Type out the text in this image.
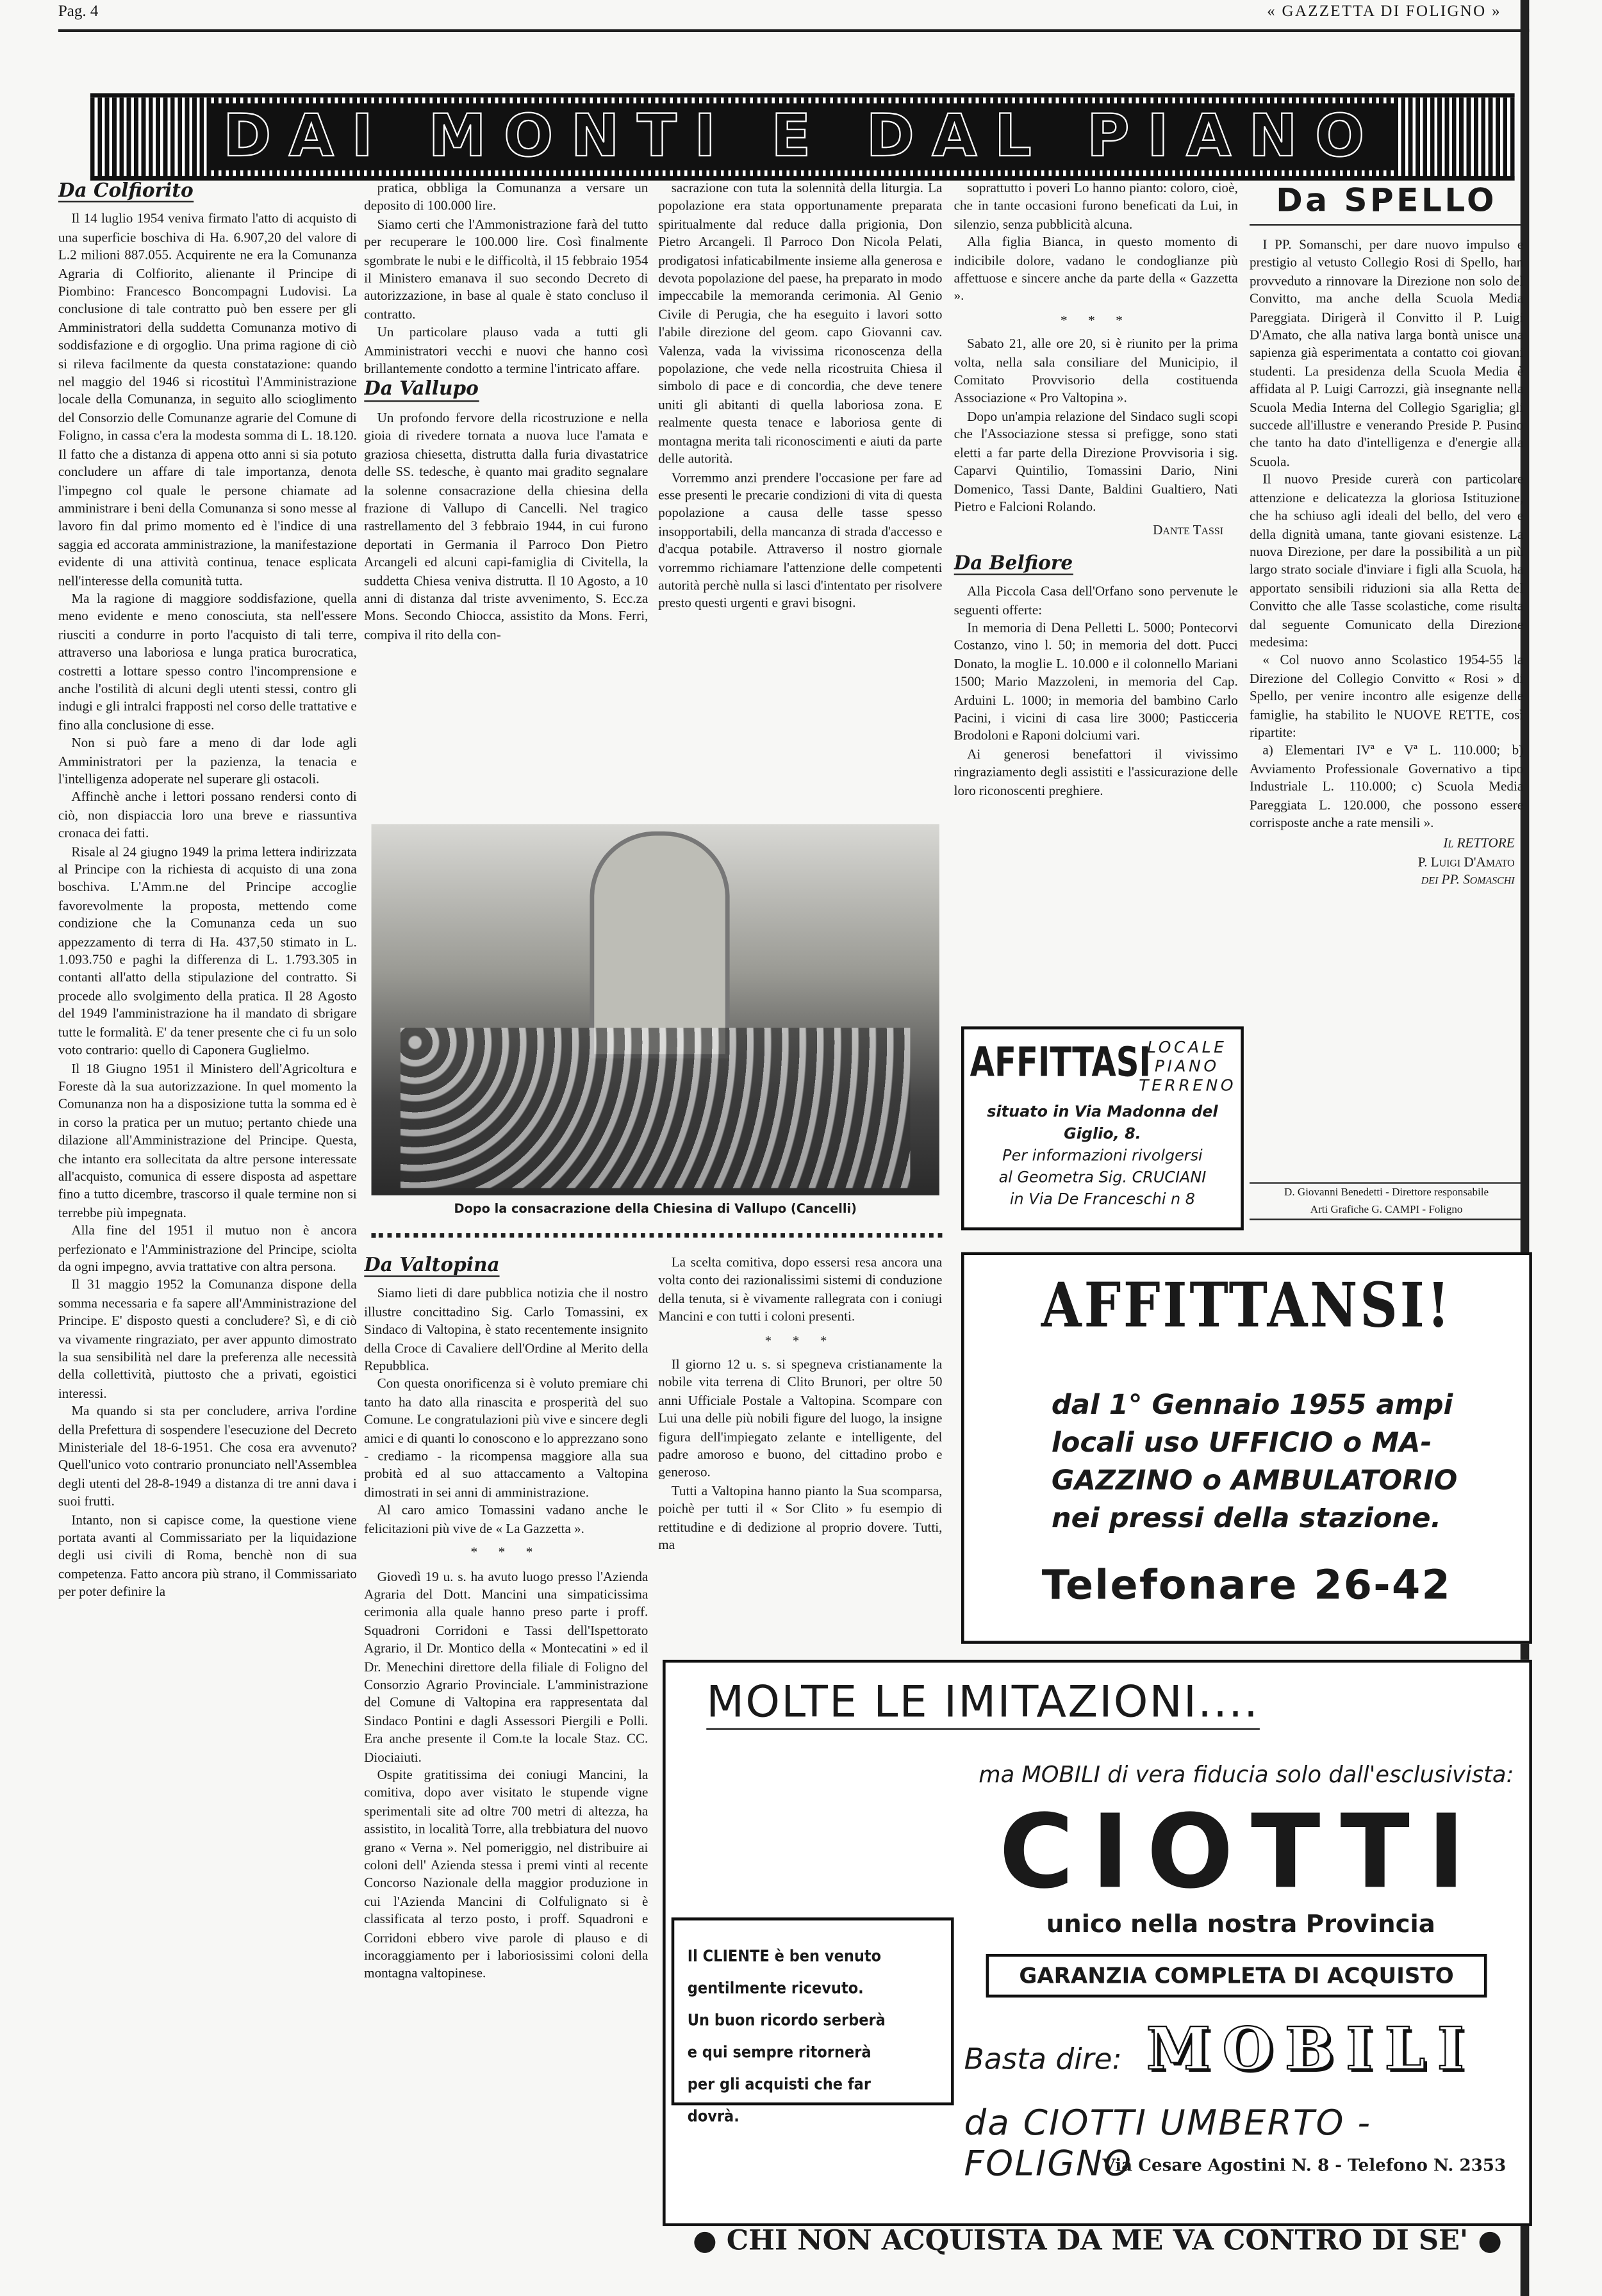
Pag. 4	« GAZZETTA DI FOLIGNO »
DAI MONTI E DAL PIANO
Da Colfiorito

Il 14 luglio 1954 veniva firmato l'atto di acquisto di una superficie boschiva di Ha. 6.907,20 del valore di L.2 milioni 887.055. Acquirente ne era la Comunanza Agraria di Colfiorito, alienante il Principe di Piombino: Francesco Boncompagni Ludovisi. La conclusione di tale contratto può ben essere per gli Amministratori della suddetta Comunanza motivo di soddisfazione e di orgoglio. Una prima ragione di ciò si rileva facilmente da questa constatazione: quando nel maggio del 1946 si ricostituì l'Amministrazione locale della Comunanza, in seguito allo scioglimento del Consorzio delle Comunanze agrarie del Comune di Foligno, in cassa c'era la modesta somma di L. 18.120. Il fatto che a distanza di appena otto anni si sia potuto concludere un affare di tale importanza, denota l'impegno col quale le persone chiamate ad amministrare i beni della Comunanza si sono messe al lavoro fin dal primo momento ed è l'indice di una saggia ed accorata amministrazione, la manifestazione evidente di una attività continua, tenace esplicata nell'interesse della comunità tutta.

Ma la ragione di maggiore soddisfazione, quella meno evidente e meno conosciuta, sta nell'essere riusciti a condurre in porto l'acquisto di tali terre, attraverso una laboriosa e lunga pratica burocratica, costretti a lottare spesso contro l'incomprensione e anche l'ostilità di alcuni degli utenti stessi, contro gli indugi e gli intralci frapposti nel corso delle trattative e fino alla conclusione di esse.

Non si può fare a meno di dar lode agli Amministratori per la pazienza, la tenacia e l'intelligenza adoperate nel superare gli ostacoli.

Affinchè anche i lettori possano rendersi conto di ciò, non dispiaccia loro una breve e riassuntiva cronaca dei fatti.

Risale al 24 giugno 1949 la prima lettera indirizzata al Principe con la richiesta di acquisto di una zona boschiva. L'Amm.ne del Principe accoglie favorevolmente la proposta, mettendo come condizione che la Comunanza ceda un suo appezzamento di terra di Ha. 437,50 stimato in L. 1.093.750 e paghi la differenza di L. 1.793.305 in contanti all'atto della stipulazione del contratto. Si procede allo svolgimento della pratica. Il 28 Agosto del 1949 l'amministrazione ha il mandato di sbrigare tutte le formalità. E' da tener presente che ci fu un solo voto contrario: quello di Caponera Guglielmo.

Il 18 Giugno 1951 il Ministero dell'Agricoltura e Foreste dà la sua autorizzazione. In quel momento la Comunanza non ha a disposizione tutta la somma ed è in corso la pratica per un mutuo; pertanto chiede una dilazione all'Amministrazione del Principe. Questa, che intanto era sollecitata da altre persone interessate all'acquisto, comunica di essere disposta ad aspettare fino a tutto dicembre, trascorso il quale termine non si terrebbe più impegnata.

Alla fine del 1951 il mutuo non è ancora perfezionato e l'Amministrazione del Principe, sciolta da ogni impegno, avvia trattative con altra persona.

Il 31 maggio 1952 la Comunanza dispone della somma necessaria e fa sapere all'Amministrazione del Principe. E' disposto questi a concludere? Sì, e di ciò va vivamente ringraziato, per aver appunto dimostrato la sua sensibilità nel dare la preferenza alle necessità della collettività, piuttosto che a privati, egoistici interessi.

Ma quando si sta per concludere, arriva l'ordine della Prefettura di sospendere l'esecuzione del Decreto Ministeriale del 18-6-1951. Che cosa era avvenuto? Quell'unico voto contrario pronunciato nell'Assemblea degli utenti del 28-8-1949 a distanza di tre anni dava i suoi frutti.

Intanto, non si capisce come, la questione viene portata avanti al Commissariato per la liquidazione degli usi civili di Roma, benchè non di sua competenza. Fatto ancora più strano, il Commissariato per poter definire la

pratica, obbliga la Comunanza a versare un deposito di 100.000 lire.

Siamo certi che l'Ammonistrazione farà del tutto per recuperare le 100.000 lire. Così finalmente sgombrate le nubi e le difficoltà, il 15 febbraio 1954 il Ministero emanava il suo secondo Decreto di autorizzazione, in base al quale è stato concluso il contratto.

Un particolare plauso vada a tutti gli Amministratori vecchi e nuovi che hanno così brillantemente condotto a termine l'intricato affare.

Da Vallupo

Un profondo fervore della ricostruzione e nella gioia di rivedere tornata a nuova luce l'amata e graziosa chiesetta, distrutta dalla furia divastatrice delle SS. tedesche, è quanto mai gradito segnalare la solenne consacrazione della chiesina della frazione di Vallupo di Cancelli. Nel tragico rastrellamento del 3 febbraio 1944, in cui furono deportati in Germania il Parroco Don Pietro Arcangeli ed alcuni capi-famiglia di Civitella, la suddetta Chiesa veniva distrutta. Il 10 Agosto, a 10 anni di distanza dal triste avvenimento, S. Ecc.za Mons. Secondo Chiocca, assistito da Mons. Ferri, compiva il rito della con-

sacrazione con tuta la solennità della liturgia. La popolazione era stata opportunamente preparata spiritualmente dal reduce dalla prigionia, Don Pietro Arcangeli. Il Parroco Don Nicola Pelati, prodigatosi infaticabilmente insieme alla generosa e devota popolazione del paese, ha preparato in modo impeccabile la memoranda cerimonia. Al Genio Civile di Perugia, che ha eseguito i lavori sotto l'abile direzione del geom. capo Giovanni cav. Valenza, vada la vivissima riconoscenza della popolazione, che vede nella ricostruita Chiesa il simbolo di pace e di concordia, che deve tenere uniti gli abitanti di quella laboriosa zona. E realmente questa tenace e laboriosa gente di montagna merita tali riconoscimenti e aiuti da parte delle autorità.

Vorremmo anzi prendere l'occasione per fare ad esse presenti le precarie condizioni di vita di questa popolazione a causa delle tasse spesso insopportabili, della mancanza di strada d'accesso e d'acqua potabile. Attraverso il nostro giornale vorremmo richiamare l'attenzione delle competenti autorità perchè nulla si lasci d'intentato per risolvere presto questi urgenti e gravi bisogni.

Dopo la consacrazione della Chiesina di Vallupo (Cancelli)
Da Valtopina

Siamo lieti di dare pubblica notizia che il nostro illustre concittadino Sig. Carlo Tomassini, ex Sindaco di Valtopina, è stato recentemente insignito della Croce di Cavaliere dell'Ordine al Merito della Repubblica.

Con questa onorificenza si è voluto premiare chi tanto ha dato alla rinascita e prosperità del suo Comune. Le congratulazioni più vive e sincere degli amici e di quanti lo conoscono e lo apprezzano sono - crediamo - la ricompensa maggiore alla sua probità ed al suo attaccamento a Valtopina dimostrati in sei anni di amministrazione.

Al caro amico Tomassini vadano anche le felicitazioni più vive de « La Gazzetta ».

* * *

Giovedì 19 u. s. ha avuto luogo presso l'Azienda Agraria del Dott. Mancini una simpaticissima cerimonia alla quale hanno preso parte i proff. Squadroni Corridoni e Tassi dell'Ispettorato Agrario, il Dr. Montico della « Montecatini » ed il Dr. Menechini direttore della filiale di Foligno del Consorzio Agrario Provinciale. L'amministrazione del Comune di Valtopina era rappresentata dal Sindaco Pontini e dagli Assessori Piergili e Polli. Era anche presente il Com.te la locale Staz. CC. Diociaiuti.

Ospite gratitissima dei coniugi Mancini, la comitiva, dopo aver visitato le stupende vigne sperimentali site ad oltre 700 metri di altezza, ha assistito, in località Torre, alla trebbiatura del nuovo grano « Verna ». Nel pomeriggio, nel distribuire ai coloni dell' Azienda stessa i premi vinti al recente Concorso Nazionale della maggior produzione in cui l'Azienda Mancini di Colfulignato si è classificata al terzo posto, i proff. Squadroni e Corridoni ebbero vive parole di plauso e di incoraggiamento per i laboriosissimi coloni della montagna valtopinese.

La scelta comitiva, dopo essersi resa ancora una volta conto dei razionalissimi sistemi di conduzione della tenuta, si è vivamente rallegrata con i coniugi Mancini e con tutti i coloni presenti.

* * *

Il giorno 12 u. s. si spegneva cristianamente la nobile vita terrena di Clito Brunori, per oltre 50 anni Ufficiale Postale a Valtopina. Scompare con Lui una delle più nobili figure del luogo, la insigne figura dell'impiegato zelante e intelligente, del padre amoroso e buono, del cittadino probo e generoso.

Tutti a Valtopina hanno pianto la Sua scomparsa, poichè per tutti il « Sor Clito » fu esempio di rettitudine e di dedizione al proprio dovere. Tutti, ma

soprattutto i poveri Lo hanno pianto: coloro, cioè, che in tante occasioni furono beneficati da Lui, in silenzio, senza pubblicità alcuna.

Alla figlia Bianca, in questo momento di indicibile dolore, vadano le condoglianze più affettuose e sincere anche da parte della « Gazzetta ».

* * *

Sabato 21, alle ore 20, si è riunito per la prima volta, nella sala consiliare del Municipio, il Comitato Provvisorio della costituenda Associazione « Pro Valtopina ».

Dopo un'ampia relazione del Sindaco sugli scopi che l'Associazione stessa si prefigge, sono stati eletti a far parte della Direzione Provvisoria i sig. Caparvi Quintilio, Tomassini Dario, Nini Domenico, Tassi Dante, Baldini Gualtiero, Nati Pietro e Falcioni Rolando.

Dante Tassi

Da Belfiore

Alla Piccola Casa dell'Orfano sono pervenute le seguenti offerte:

In memoria di Dena Pelletti L. 5000; Pontecorvi Costanzo, vino l. 50; in memoria del dott. Pucci Donato, la moglie L. 10.000 e il colonnello Mariani 1500; Mario Mazzoleni, in memoria del Cap. Arduini L. 1000; in memoria del bambino Carlo Pacini, i vicini di casa lire 3000; Pasticceria Brodoloni e Raponi dolciumi vari.

Ai generosi benefattori il vivissimo ringraziamento degli assistiti e l'assicurazione delle loro riconoscenti preghiere.

Da SPELLO

I PP. Somanschi, per dare nuovo impulso e prestigio al vetusto Collegio Rosi di Spello, han provveduto a rinnovare la Direzione non solo del Convitto, ma anche della Scuola Media Pareggiata. Dirigerà il Convitto il P. Luigi D'Amato, che alla nativa larga bontà unisce una sapienza già esperimentata a contatto coi giovani studenti. La presidenza della Scuola Media è affidata al P. Luigi Carrozzi, già insegnante nella Scuola Media Interna del Collegio Sgariglia; gli succede all'illustre e venerando Preside P. Pusino che tanto ha dato d'intelligenza e d'energie alla Scuola.

Il nuovo Preside curerà con particolare attenzione e delicatezza la gloriosa Istituzione, che ha schiuso agli ideali del bello, del vero e della dignità umana, tante giovani esistenze. La nuova Direzione, per dare la possibilità a un più largo strato sociale d'inviare i figli alla Scuola, ha apportato sensibili riduzioni sia alla Retta del Convitto che alle Tasse scolastiche, come risulta dal seguente Comunicato della Direzione medesima:

« Col nuovo anno Scolastico 1954-55 la Direzione del Collegio Convitto « Rosi » di Spello, per venire incontro alle esigenze delle famiglie, ha stabilito le NUOVE RETTE, così ripartite:

a) Elementari IVª e Vª L. 110.000; b) Avviamento Professionale Governativo a tipo Industriale L. 110.000; c) Scuola Media Pareggiata L. 120.000, che possono essere corrisposte anche a rate mensili ».

Il RETTORE

P. Luigi D'Amato

dei PP. Somaschi

D. Giovanni Benedetti - Direttore responsabile
Arti Grafiche G. CAMPI - Foligno
AFFITTASI
LOCALE
PIANO
TERRENO
situato in Via Madonna del Giglio, 8.
Per informazioni rivolgersi
al Geometra Sig. CRUCIANI
in Via De Franceschi n 8
AFFITTANSI!
dal 1° Gennaio 1955 ampi
locali uso UFFICIO o MA-
GAZZINO o AMBULATORIO
nei pressi della stazione.
Telefonare 26-42
MOLTE LE IMITAZIONI....
ma MOBILI di vera fiducia solo dall'esclusivista:
CIOTTI
unico nella nostra Provincia
Il CLIENTE è ben venuto
gentilmente ricevuto.
Un buon ricordo serberà
e qui sempre ritornerà
per gli acquisti che far dovrà.
GARANZIA COMPLETA DI ACQUISTO
Basta dire: MOBILI
da CIOTTI UMBERTO - FOLIGNO
Via Cesare Agostini N. 8 - Telefono N. 2353
● CHI NON ACQUISTA DA ME VA CONTRO DI SE' ●
